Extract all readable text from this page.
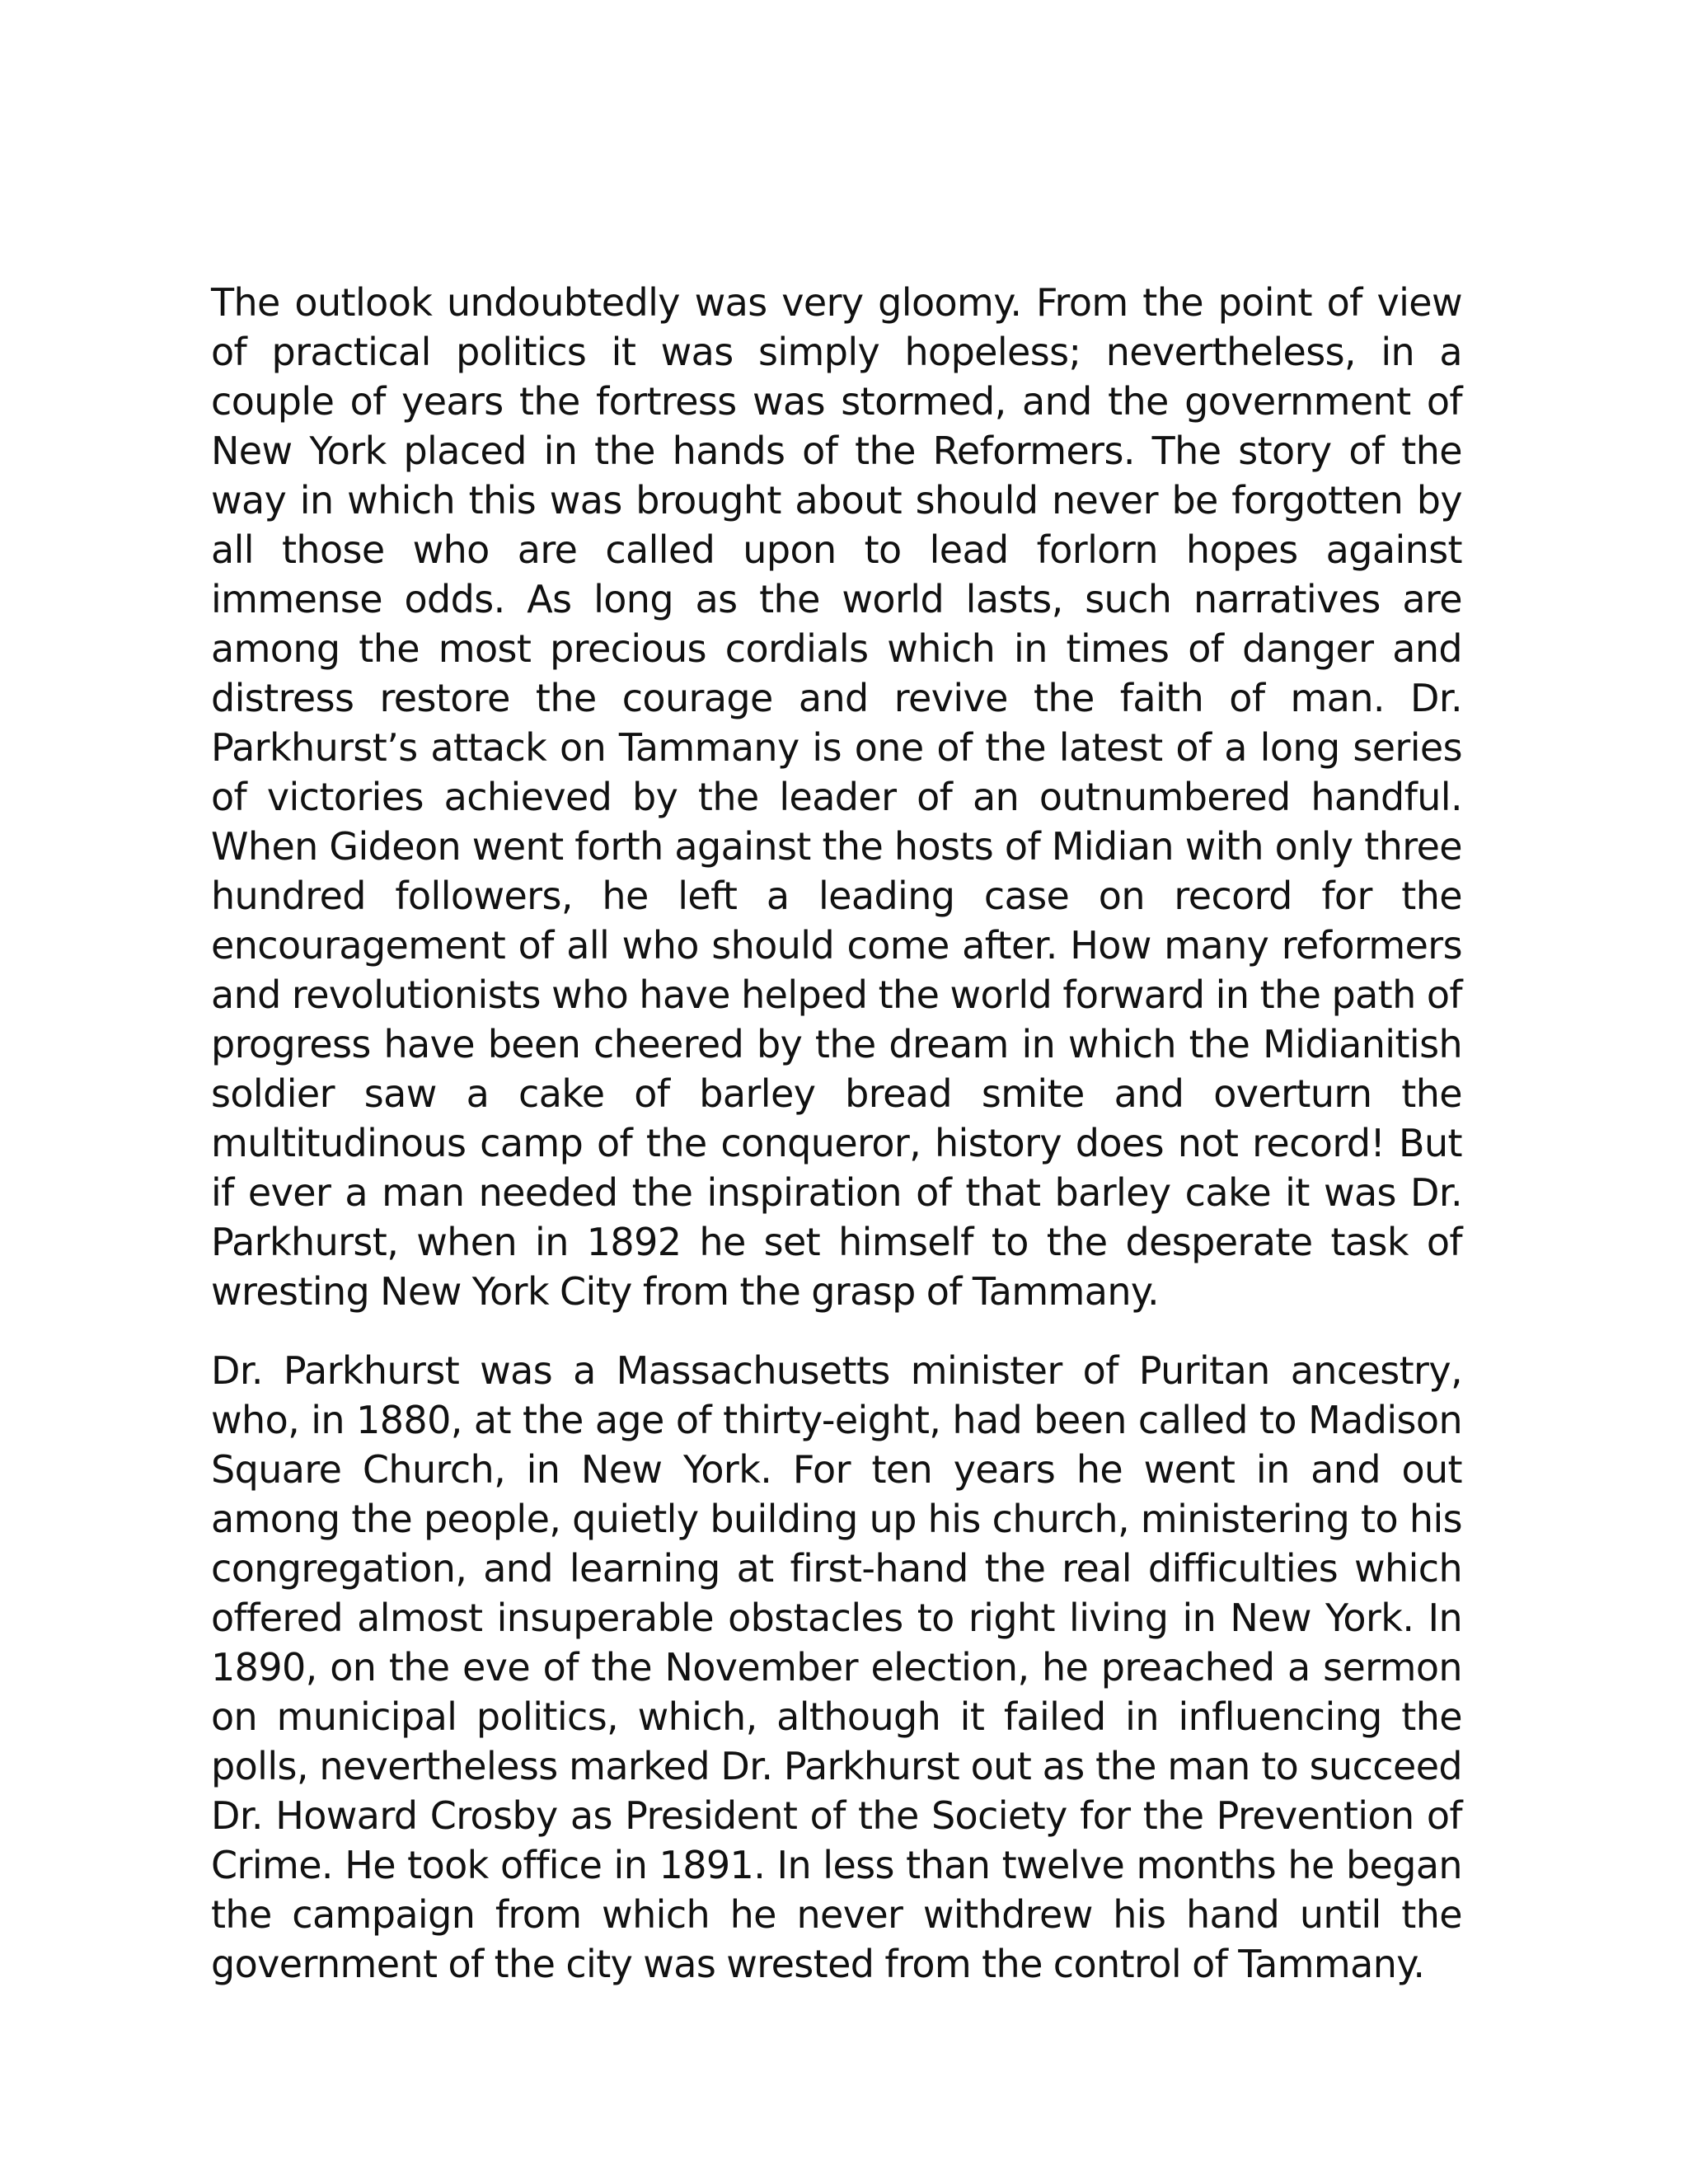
The outlook undoubtedly was very gloomy. From the point of view of practical politics it was simply hopeless; nevertheless, in a couple of years the fortress was stormed, and the government of New York placed in the hands of the Reformers. The story of the way in which this was brought about should never be forgotten by all those who are called upon to lead forlorn hopes against immense odds. As long as the world lasts, such narratives are among the most precious cordials which in times of danger and distress restore the courage and revive the faith of man. Dr. Parkhurst’s attack on Tammany is one of the latest of a long series of victories achieved by the leader of an outnumbered handful. When Gideon went forth against the hosts of Midian with only three hundred followers, he left a leading case on record for the encouragement of all who should come after. How many reformers and revolutionists who have helped the world forward in the path of progress have been cheered by the dream in which the Midianitish soldier saw a cake of barley bread smite and overturn the multitudinous camp of the conqueror, history does not record! But if ever a man needed the inspiration of that barley cake it was Dr. Parkhurst, when in 1892 he set himself to the desperate task of wresting New York City from the grasp of Tammany.

Dr. Parkhurst was a Massachusetts minister of Puritan ancestry, who, in 1880, at the age of thirty-eight, had been called to Madison Square Church, in New York. For ten years he went in and out among the people, quietly building up his church, ministering to his congregation, and learning at first-hand the real difficulties which offered almost insuperable obstacles to right living in New York. In 1890, on the eve of the November election, he preached a sermon on municipal politics, which, although it failed in influencing the polls, nevertheless marked Dr. Parkhurst out as the man to succeed Dr. Howard Crosby as President of the Society for the Prevention of Crime. He took office in 1891. In less than twelve months he began the campaign from which he never withdrew his hand until the government of the city was wrested from the control of Tammany.
